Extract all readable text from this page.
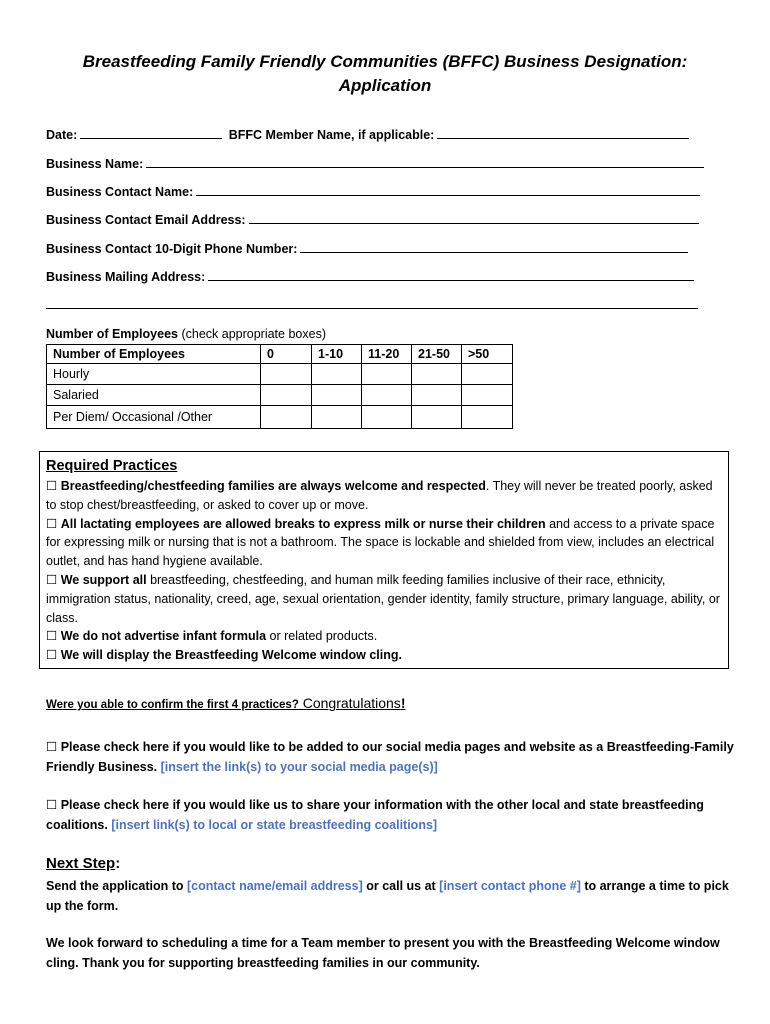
Breastfeeding Family Friendly Communities (BFFC) Business Designation:
Application
Date:	BFFC Member Name, if applicable:
Business Name:
Business Contact Name:
Business Contact Email Address:
Business Contact 10-Digit Phone Number:
Business Mailing Address:
Number of Employees (check appropriate boxes)
Number of Employees	0	1-10	11-20	21-50	>50
Hourly					
Salaried					
Per Diem/ Occasional /Other					
Required Practices

☐ Breastfeeding/chestfeeding families are always welcome and respected. They will never be treated poorly, asked to stop chest/breastfeeding, or asked to cover up or move.

☐ All lactating employees are allowed breaks to express milk or nurse their children and access to a private space for expressing milk or nursing that is not a bathroom. The space is lockable and shielded from view, includes an electrical outlet, and has hand hygiene available.

☐ We support all breastfeeding, chestfeeding, and human milk feeding families inclusive of their race, ethnicity, immigration status, nationality, creed, age, sexual orientation, gender identity, family structure, primary language, ability, or class.

☐ We do not advertise infant formula or related products.

☐ We will display the Breastfeeding Welcome window cling.

Were you able to confirm the first 4 practices? Congratulations!
☐ Please check here if you would like to be added to our social media pages and website as a Breastfeeding-Family Friendly Business. [insert the link(s) to your social media page(s)]
☐ Please check here if you would like us to share your information with the other local and state breastfeeding coalitions. [insert link(s) to local or state breastfeeding coalitions]
Next Step:
Send the application to [contact name/email address] or call us at [insert contact phone #] to arrange a time to pick up the form.
We look forward to scheduling a time for a Team member to present you with the Breastfeeding Welcome window cling. Thank you for supporting breastfeeding families in our community.
